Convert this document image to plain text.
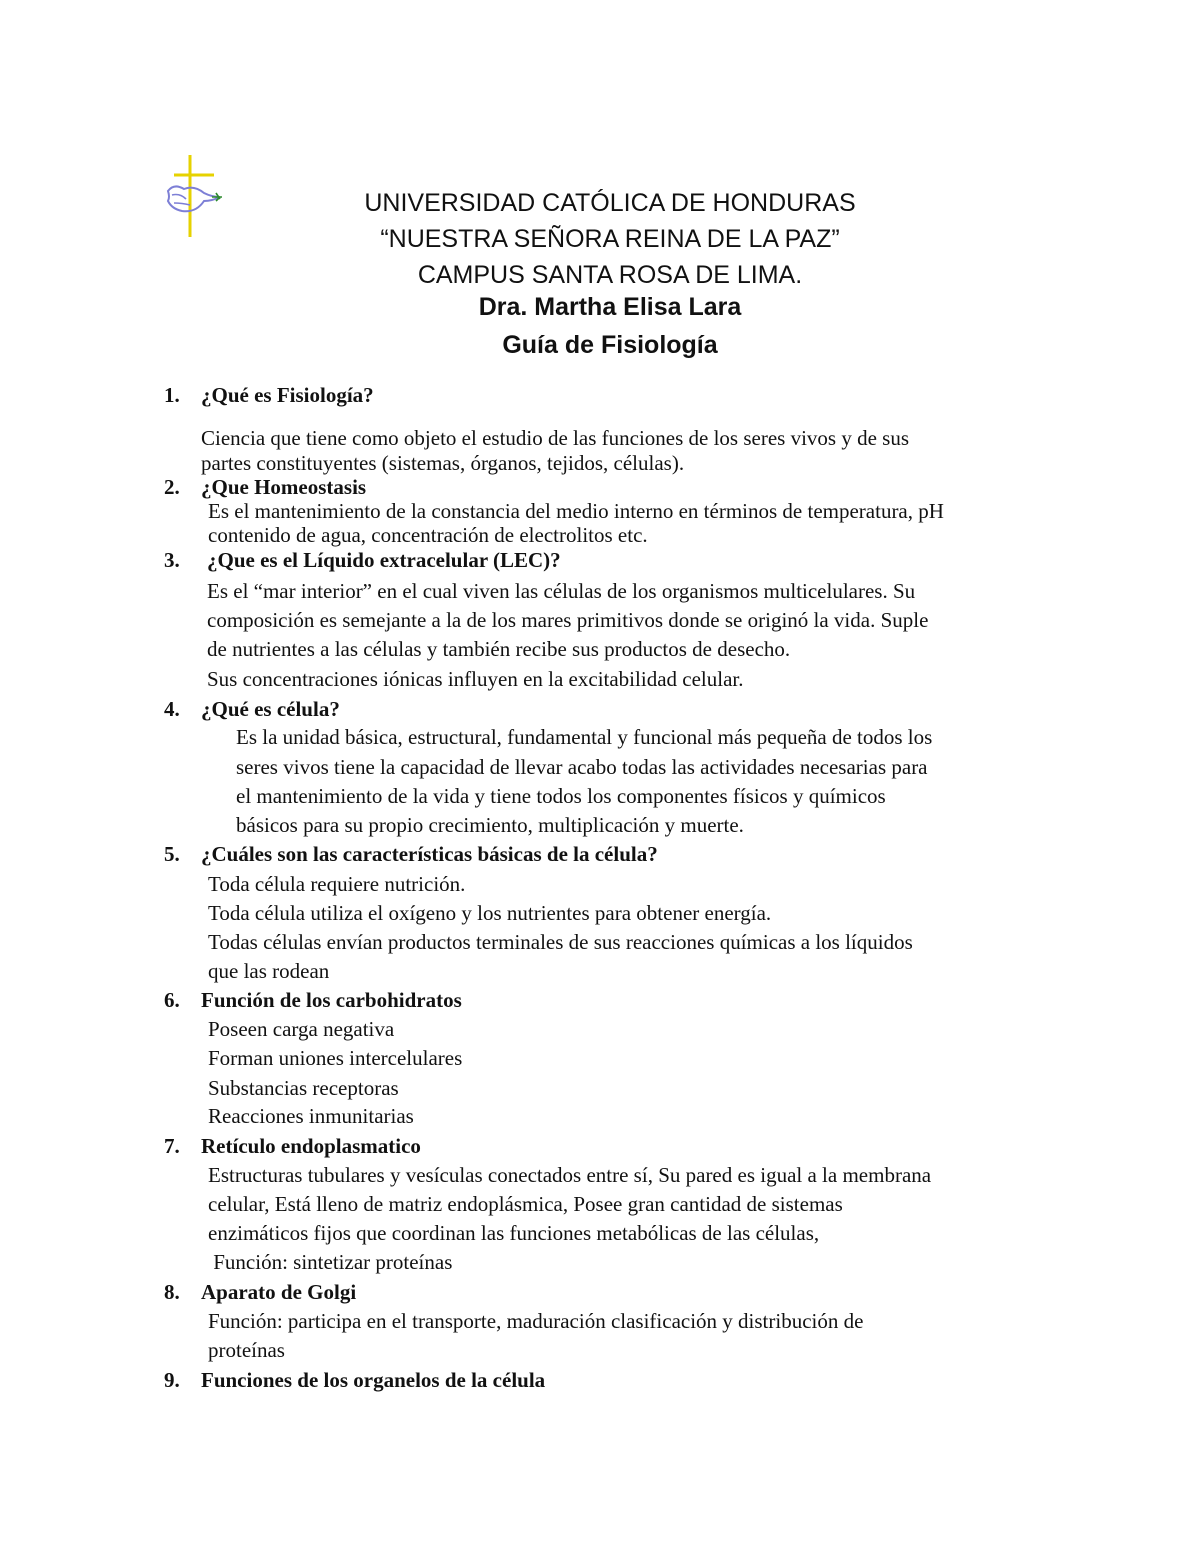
UNIVERSIDAD CATÓLICA DE HONDURAS
“NUESTRA SEÑORA REINA DE LA PAZ”
CAMPUS SANTA ROSA DE LIMA.
Dra. Martha Elisa Lara
Guía de Fisiología
1.	¿Qué es Fisiología?
Ciencia que tiene como objeto el estudio de las funciones de los seres vivos y de sus
partes constituyentes (sistemas, órganos, tejidos, células).
2.	¿Que Homeostasis
Es el mantenimiento de la constancia del medio interno en términos de temperatura, pH
contenido de agua, concentración de electrolitos etc.
3.	¿Que es el Líquido extracelular (LEC)?
Es el “mar interior” en el cual viven las células de los organismos multicelulares. Su
composición es semejante a la de los mares primitivos donde se originó la vida. Suple
de nutrientes a las células y también recibe sus productos de desecho.
Sus concentraciones iónicas influyen en la excitabilidad celular.
4.	¿Qué es célula?
Es la unidad básica, estructural, fundamental y funcional más pequeña de todos los
seres vivos tiene la capacidad de llevar acabo todas las actividades necesarias para
el mantenimiento de la vida y tiene todos los componentes físicos y químicos
básicos para su propio crecimiento, multiplicación y muerte.
5.	¿Cuáles son las características básicas de la célula?
Toda célula requiere nutrición.
Toda célula utiliza el oxígeno y los nutrientes para obtener energía.
Todas células envían productos terminales de sus reacciones químicas a los líquidos
que las rodean
6.	Función de los carbohidratos
Poseen carga negativa
Forman uniones intercelulares
Substancias receptoras
Reacciones inmunitarias
7.	Retículo endoplasmatico
Estructuras tubulares y vesículas conectados entre sí, Su pared es igual a la membrana
celular, Está lleno de matriz endoplásmica, Posee gran cantidad de sistemas
enzimáticos fijos que coordinan las funciones metabólicas de las células,
Función: sintetizar proteínas
8.	Aparato de Golgi
Función: participa en el transporte, maduración clasificación y distribución de
proteínas
9.	Funciones de los organelos de la célula
